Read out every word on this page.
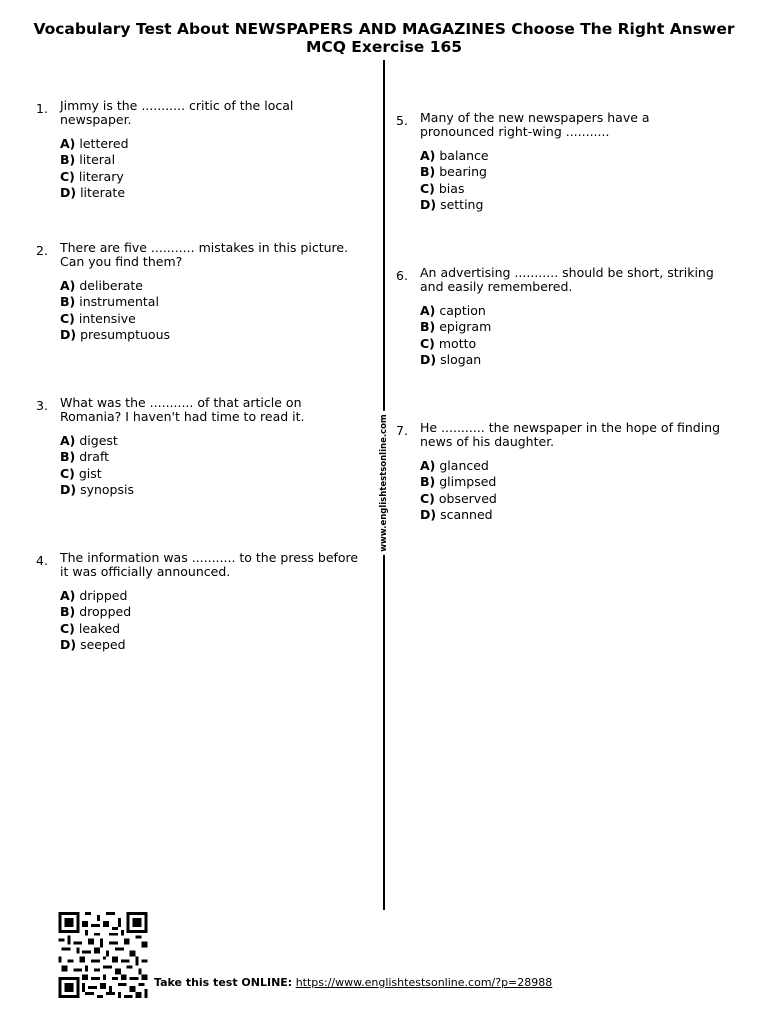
Vocabulary Test About NEWSPAPERS AND MAGAZINES Choose The Right Answer
MCQ Exercise 165
www.englishtestsonline.com
1. Jimmy is the ........... critic of the local newspaper.
A) lettered
B) literal
C) literary
D) literate
2. There are five ........... mistakes in this picture. Can you find them?
A) deliberate
B) instrumental
C) intensive
D) presumptuous
3. What was the ........... of that article on Romania? I haven't had time to read it.
A) digest
B) draft
C) gist
D) synopsis
4. The information was ........... to the press before it was officially announced.
A) dripped
B) dropped
C) leaked
D) seeped
5. Many of the new newspapers have a pronounced right-wing ...........
A) balance
B) bearing
C) bias
D) setting
6. An advertising ........... should be short, striking and easily remembered.
A) caption
B) epigram
C) motto
D) slogan
7. He ........... the newspaper in the hope of finding news of his daughter.
A) glanced
B) glimpsed
C) observed
D) scanned
Take this test ONLINE: https://www.englishtestsonline.com/?p=28988
